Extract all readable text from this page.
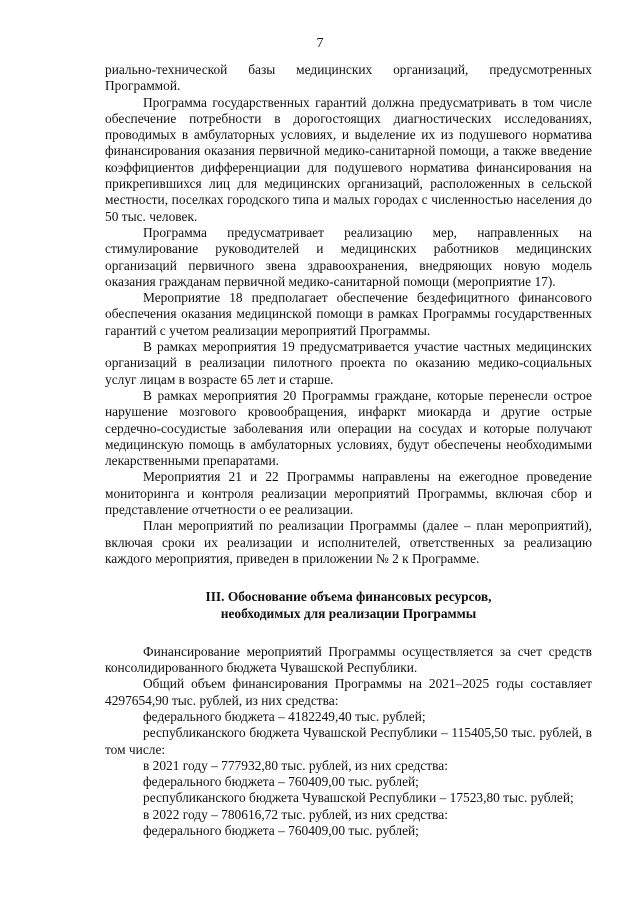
7

риально-технической базы медицинских организаций, предусмотренных Программой.

Программа государственных гарантий должна предусматривать в том числе обеспечение потребности в дорогостоящих диагностических исследованиях, проводимых в амбулаторных условиях, и выделение их из подушевого норматива финансирования оказания первичной медико-санитарной помощи, а также введение коэффициентов дифференциации для подушевого норматива финансирования на прикрепившихся лиц для медицинских организаций, расположенных в сельской местности, поселках городского типа и малых городах с численностью населения до 50 тыс. человек.

Программа предусматривает реализацию мер, направленных на стимулирование руководителей и медицинских работников медицинских организаций первичного звена здравоохранения, внедряющих новую модель оказания гражданам первичной медико-санитарной помощи (мероприятие 17).

Мероприятие 18 предполагает обеспечение бездефицитного финансового обеспечения оказания медицинской помощи в рамках Программы государственных гарантий с учетом реализации мероприятий Программы.

В рамках мероприятия 19 предусматривается участие частных медицинских организаций в реализации пилотного проекта по оказанию медико-социальных услуг лицам в возрасте 65 лет и старше.

В рамках мероприятия 20 Программы граждане, которые перенесли острое нарушение мозгового кровообращения, инфаркт миокарда и другие острые сердечно-сосудистые заболевания или операции на сосудах и которые получают медицинскую помощь в амбулаторных условиях, будут обеспечены необходимыми лекарственными препаратами.

Мероприятия 21 и 22 Программы направлены на ежегодное проведение мониторинга и контроля реализации мероприятий Программы, включая сбор и представление отчетности о ее реализации.

План мероприятий по реализации Программы (далее – план мероприятий), включая сроки их реализации и исполнителей, ответственных за реализацию каждого мероприятия, приведен в приложении № 2 к Программе.

III. Обоснование объема финансовых ресурсов,
необходимых для реализации Программы

Финансирование мероприятий Программы осуществляется за счет средств консолидированного бюджета Чувашской Республики.

Общий объем финансирования Программы на 2021–2025 годы составляет 4297654,90 тыс. рублей, из них средства:

федерального бюджета – 4182249,40 тыс. рублей;

республиканского бюджета Чувашской Республики – 115405,50 тыс. рублей, в том числе:

в 2021 году – 777932,80 тыс. рублей, из них средства:

федерального бюджета – 760409,00 тыс. рублей;

республиканского бюджета Чувашской Республики – 17523,80 тыс. рублей;

в 2022 году – 780616,72 тыс. рублей, из них средства:

федерального бюджета – 760409,00 тыс. рублей;
